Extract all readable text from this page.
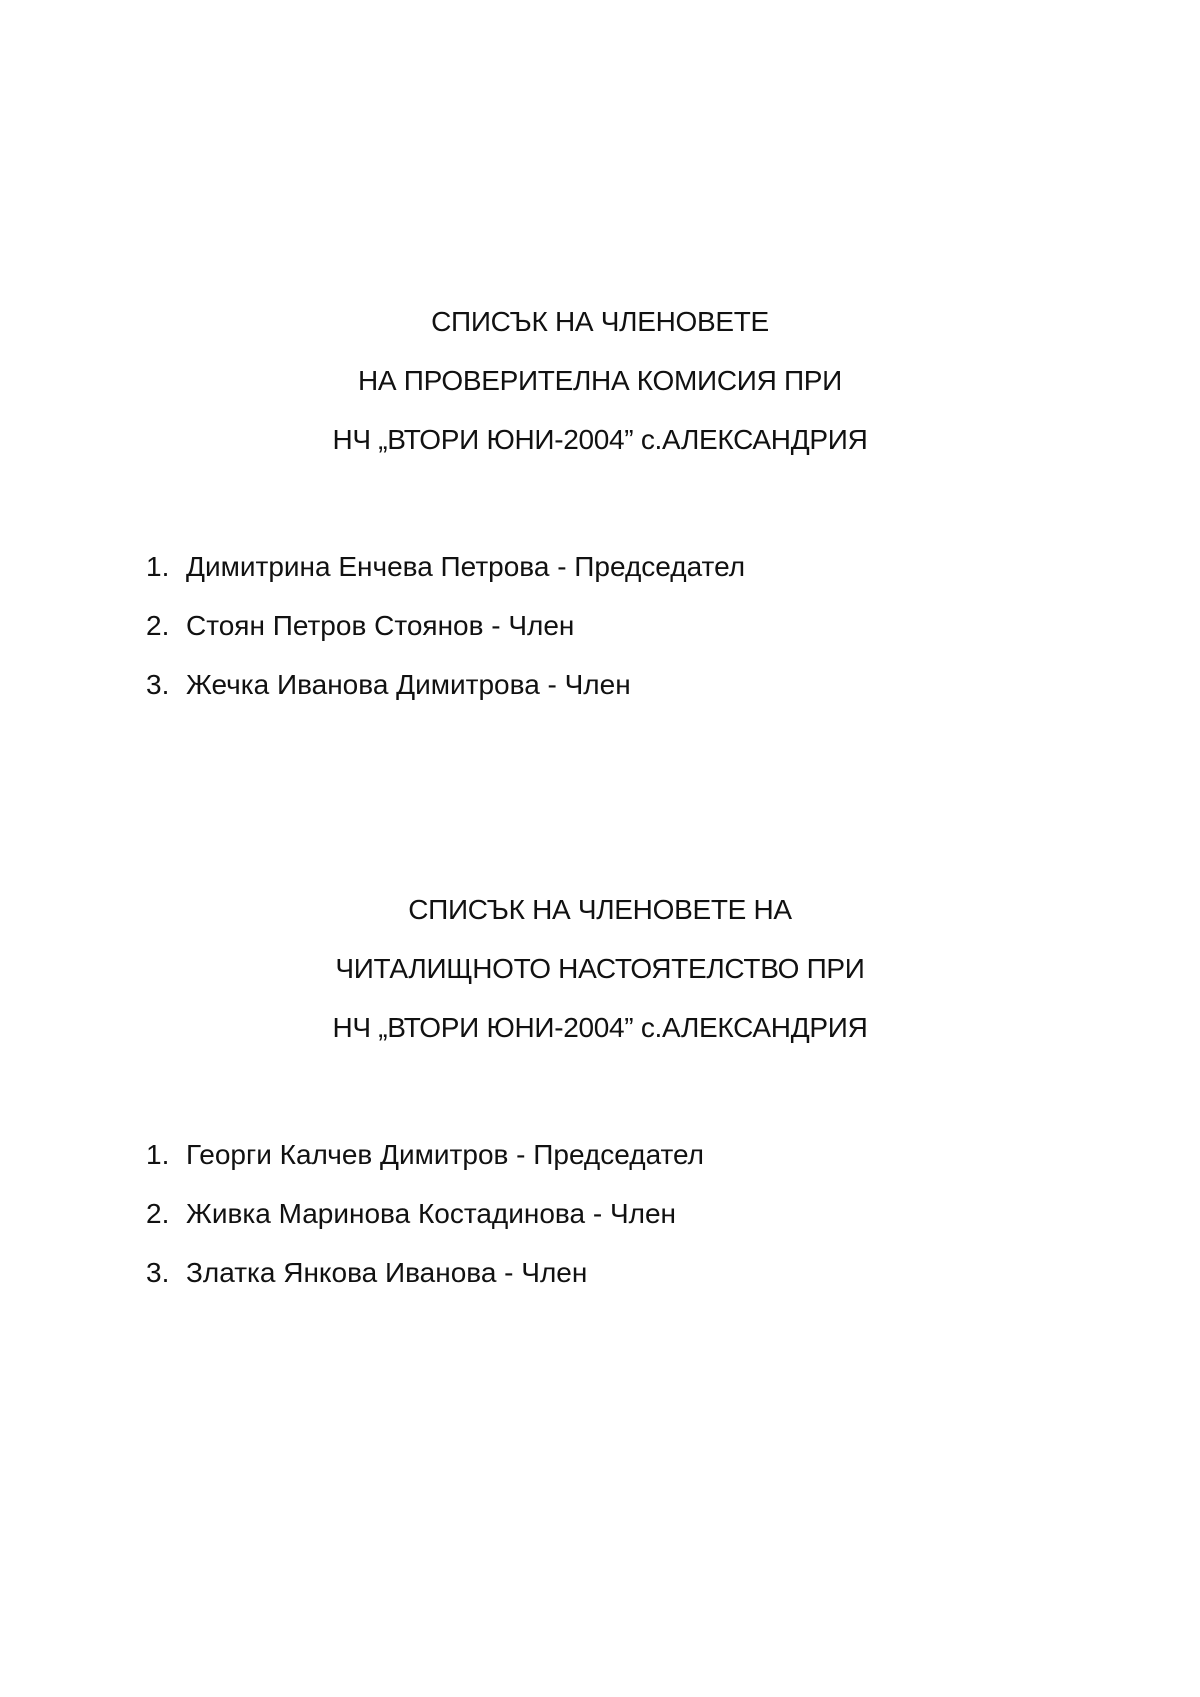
СПИСЪК НА ЧЛЕНОВЕТЕ
НА ПРОВЕРИТЕЛНА КОМИСИЯ ПРИ
НЧ „ВТОРИ ЮНИ-2004” с.АЛЕКСАНДРИЯ
1. Димитрина Енчева Петрова - Председател
2. Стоян Петров Стоянов - Член
3. Жечка Иванова Димитрова - Член
СПИСЪК НА ЧЛЕНОВЕТЕ НА
ЧИТАЛИЩНОТО НАСТОЯТЕЛСТВО ПРИ
НЧ „ВТОРИ ЮНИ-2004” с.АЛЕКСАНДРИЯ
1. Георги Калчев Димитров - Председател
2. Живка Маринова Костадинова - Член
3. Златка Янкова Иванова - Член
